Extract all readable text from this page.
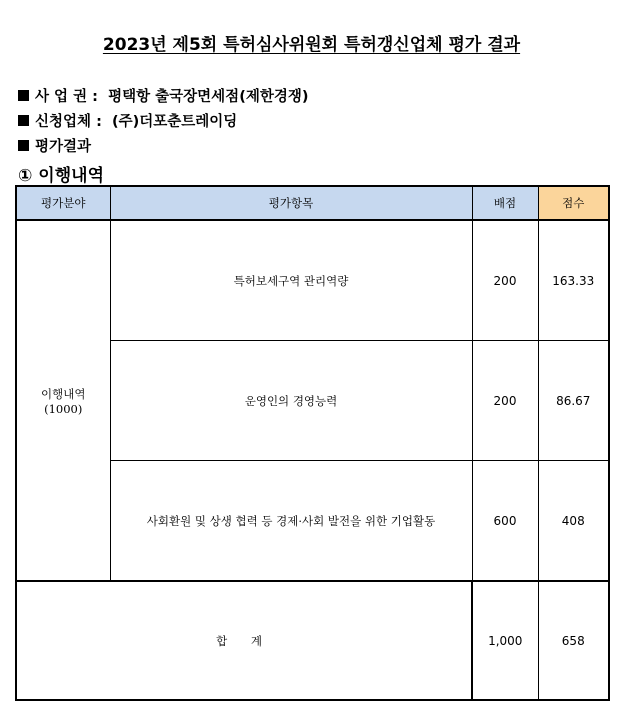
2023년 제5회 특허심사위원회 특허갱신업체 평가 결과
사 업 권 : 평택항 출국장면세점(제한경쟁)
신청업체 : (주)더포춘트레이딩
평가결과
① 이행내역
평가분야	평가항목	배점	점수

이행내역
(1000)	특허보세구역 관리역량	200	163.33
	운영인의 경영능력	200	86.67
	사회환원 및 상생 협력 등 경제·사회 발전을 위한 기업활동	600	408
합 계		1,000	658
